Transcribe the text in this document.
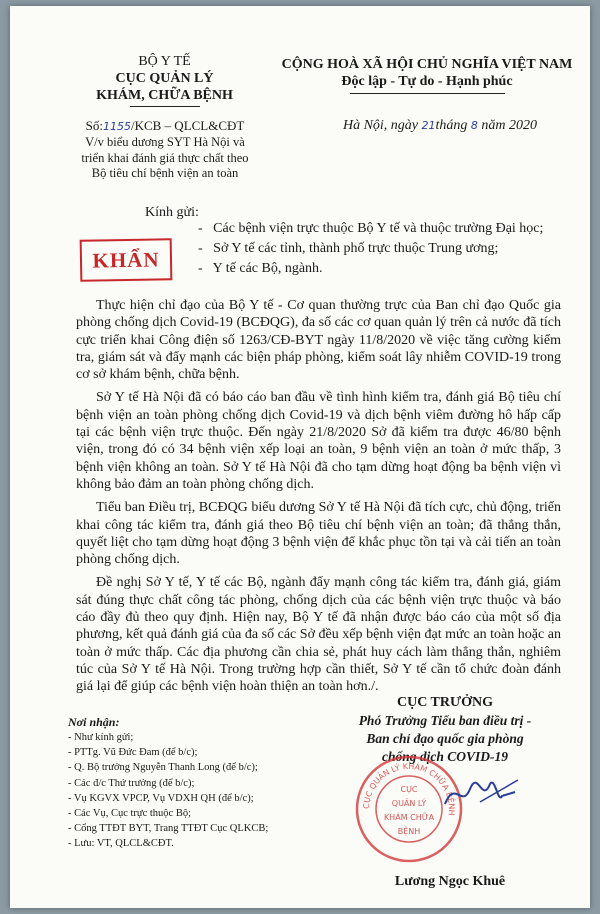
BỘ Y TẾ
CỤC QUẢN LÝ
KHÁM, CHỮA BỆNH
Số:1155/KCB – QLCL&CĐT
V/v biểu dương SYT Hà Nội và
triển khai đánh giá thực chất theo
Bộ tiêu chí bệnh viện an toàn
CỘNG HOÀ XÃ HỘI CHỦ NGHĨA VIỆT NAM
Độc lập - Tự do - Hạnh phúc
Hà Nội, ngày 21tháng 8 năm 2020
Kính gửi:
- Các bệnh viện trực thuộc Bộ Y tế và thuộc trường Đại học;
- Sở Y tế các tỉnh, thành phố trực thuộc Trung ương;
- Y tế các Bộ, ngành.
KHẨN

Thực hiện chỉ đạo của Bộ Y tế - Cơ quan thường trực của Ban chỉ đạo Quốc gia phòng chống dịch Covid-19 (BCĐQG), đa số các cơ quan quản lý trên cả nước đã tích cực triển khai Công điện số 1263/CĐ-BYT ngày 11/8/2020 về việc tăng cường kiểm tra, giám sát và đẩy mạnh các biện pháp phòng, kiểm soát lây nhiễm COVID-19 trong cơ sở khám bệnh, chữa bệnh.

Sở Y tế Hà Nội đã có báo cáo ban đầu về tình hình kiểm tra, đánh giá Bộ tiêu chí bệnh viện an toàn phòng chống dịch Covid-19 và dịch bệnh viêm đường hô hấp cấp tại các bệnh viện trực thuộc. Đến ngày 21/8/2020 Sở đã kiểm tra được 46/80 bệnh viện, trong đó có 34 bệnh viện xếp loại an toàn, 9 bệnh viện an toàn ở mức thấp, 3 bệnh viện không an toàn. Sở Y tế Hà Nội đã cho tạm dừng hoạt động ba bệnh viện vì không bảo đảm an toàn phòng chống dịch.

Tiểu ban Điều trị, BCĐQG biểu dương Sở Y tế Hà Nội đã tích cực, chủ động, triển khai công tác kiểm tra, đánh giá theo Bộ tiêu chí bệnh viện an toàn; đã thẳng thắn, quyết liệt cho tạm dừng hoạt động 3 bệnh viện để khắc phục tồn tại và cải tiến an toàn phòng chống dịch.

Đề nghị Sở Y tế, Y tế các Bộ, ngành đẩy mạnh công tác kiểm tra, đánh giá, giám sát đúng thực chất công tác phòng, chống dịch của các bệnh viện trực thuộc và báo cáo đầy đủ theo quy định. Hiện nay, Bộ Y tế đã nhận được báo cáo của một số địa phương, kết quả đánh giá của đa số các Sở đều xếp bệnh viện đạt mức an toàn hoặc an toàn ở mức thấp. Các địa phương cần chia sẻ, phát huy cách làm thẳng thắn, nghiêm túc của Sở Y tế Hà Nội. Trong trường hợp cần thiết, Sở Y tế cần tổ chức đoàn đánh giá lại để giúp các bệnh viện hoàn thiện an toàn hơn./.

Nơi nhận:
- Như kính gửi;
- PTTg. Vũ Đức Đam (để b/c);
- Q. Bộ trưởng Nguyễn Thanh Long (để b/c);
- Các đ/c Thứ trưởng (để b/c);
- Vụ KGVX VPCP, Vụ VDXH QH (để b/c);
- Các Vụ, Cục trực thuộc Bộ;
- Cổng TTĐT BYT, Trang TTĐT Cục QLKCB;
- Lưu: VT, QLCL&CĐT.
CỤC TRƯỞNG
Phó Trưởng Tiểu ban điều trị -
Ban chỉ đạo quốc gia phòng
chống dịch COVID-19
CỤC QUẢN LÝ KHÁM CHỮA BỆNH
CỤC
QUẢN LÝ
KHÁM CHỮA
BỆNH
Lương Ngọc Khuê
